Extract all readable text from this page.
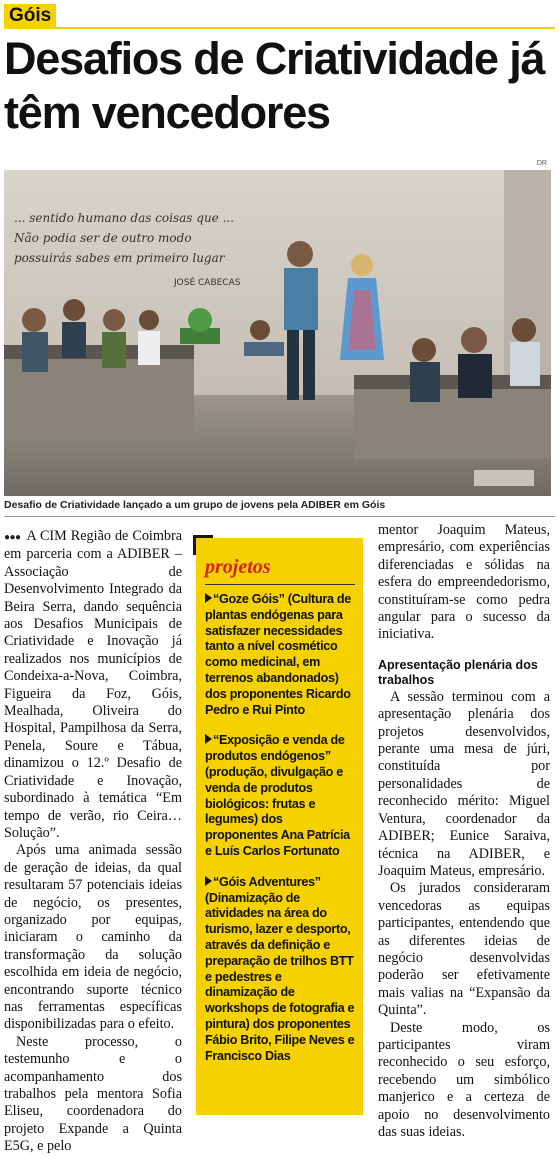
Góis
Desafios de Criatividade já têm vencedores
DR
... sentido humano das coisas que ...
Não podia ser de outro modo
possuirás sabes em primeiro lugar
JOSÉ CABECAS
Desafio de Criatividade lançado a um grupo de jovens pela ADIBER em Góis

●●● A CIM Região de Coimbra em parceria com a ADIBER – Associação de Desenvolvimento Integrado da Beira Serra, dando sequência aos Desafios Municipais de Criatividade e Inovação já realizados nos municípios de Condeixa-a-Nova, Coimbra, Figueira da Foz, Góis, Mealhada, Oliveira do Hospital, Pampilhosa da Serra, Penela, Soure e Tábua, dinamizou o 12.º Desafio de Criatividade e Inovação, subordinado à temática “Em tempo de verão, rio Ceira… Solução”.

Após uma animada sessão de geração de ideias, da qual resultaram 57 potenciais ideias de negócio, os presentes, organizado por equipas, iniciaram o caminho da transformação da solução escolhida em ideia de negócio, encontrando suporte técnico nas ferramentas específicas disponibilizadas para o efeito.

Neste processo, o testemunho e o acompanhamento dos trabalhos pela mentora Sofia Eliseu, coordenadora do projeto Expande a Quinta E5G, e pelo

projetos

“Goze Góis” (Cultura de plantas endógenas para satisfazer necessidades tanto a nível cosmético como medicinal, em terrenos abandonados) dos proponentes Ricardo Pedro e Rui Pinto

“Exposição e venda de produtos endógenos” (produção, divulgação e venda de produtos biológicos: frutas e legumes) dos proponentes Ana Patrícia e Luís Carlos Fortunato

“Góis Adventures” (Dinamização de atividades na área do turismo, lazer e desporto, através da definição e preparação de trilhos BTT e pedestres e dinamização de workshops de fotografia e pintura) dos proponentes Fábio Brito, Filipe Neves e Francisco Dias

mentor Joaquim Mateus, empresário, com experiências diferenciadas e sólidas na esfera do empreendedorismo, constituíram-se como pedra angular para o sucesso da iniciativa.

Apresentação plenária dos trabalhos

A sessão terminou com a apresentação plenária dos projetos desenvolvidos, perante uma mesa de júri, constituída por personalidades de reconhecido mérito: Miguel Ventura, coordenador da ADIBER; Eunice Saraiva, técnica na ADIBER, e Joaquim Mateus, empresário.

Os jurados consideraram vencedoras as equipas participantes, entendendo que as diferentes ideias de negócio desenvolvidas poderão ser efetivamente mais valias na “Expansão da Quinta”.

Deste modo, os participantes viram reconhecido o seu esforço, recebendo um simbólico manjerico e a certeza de apoio no desenvolvimento das suas ideias.
